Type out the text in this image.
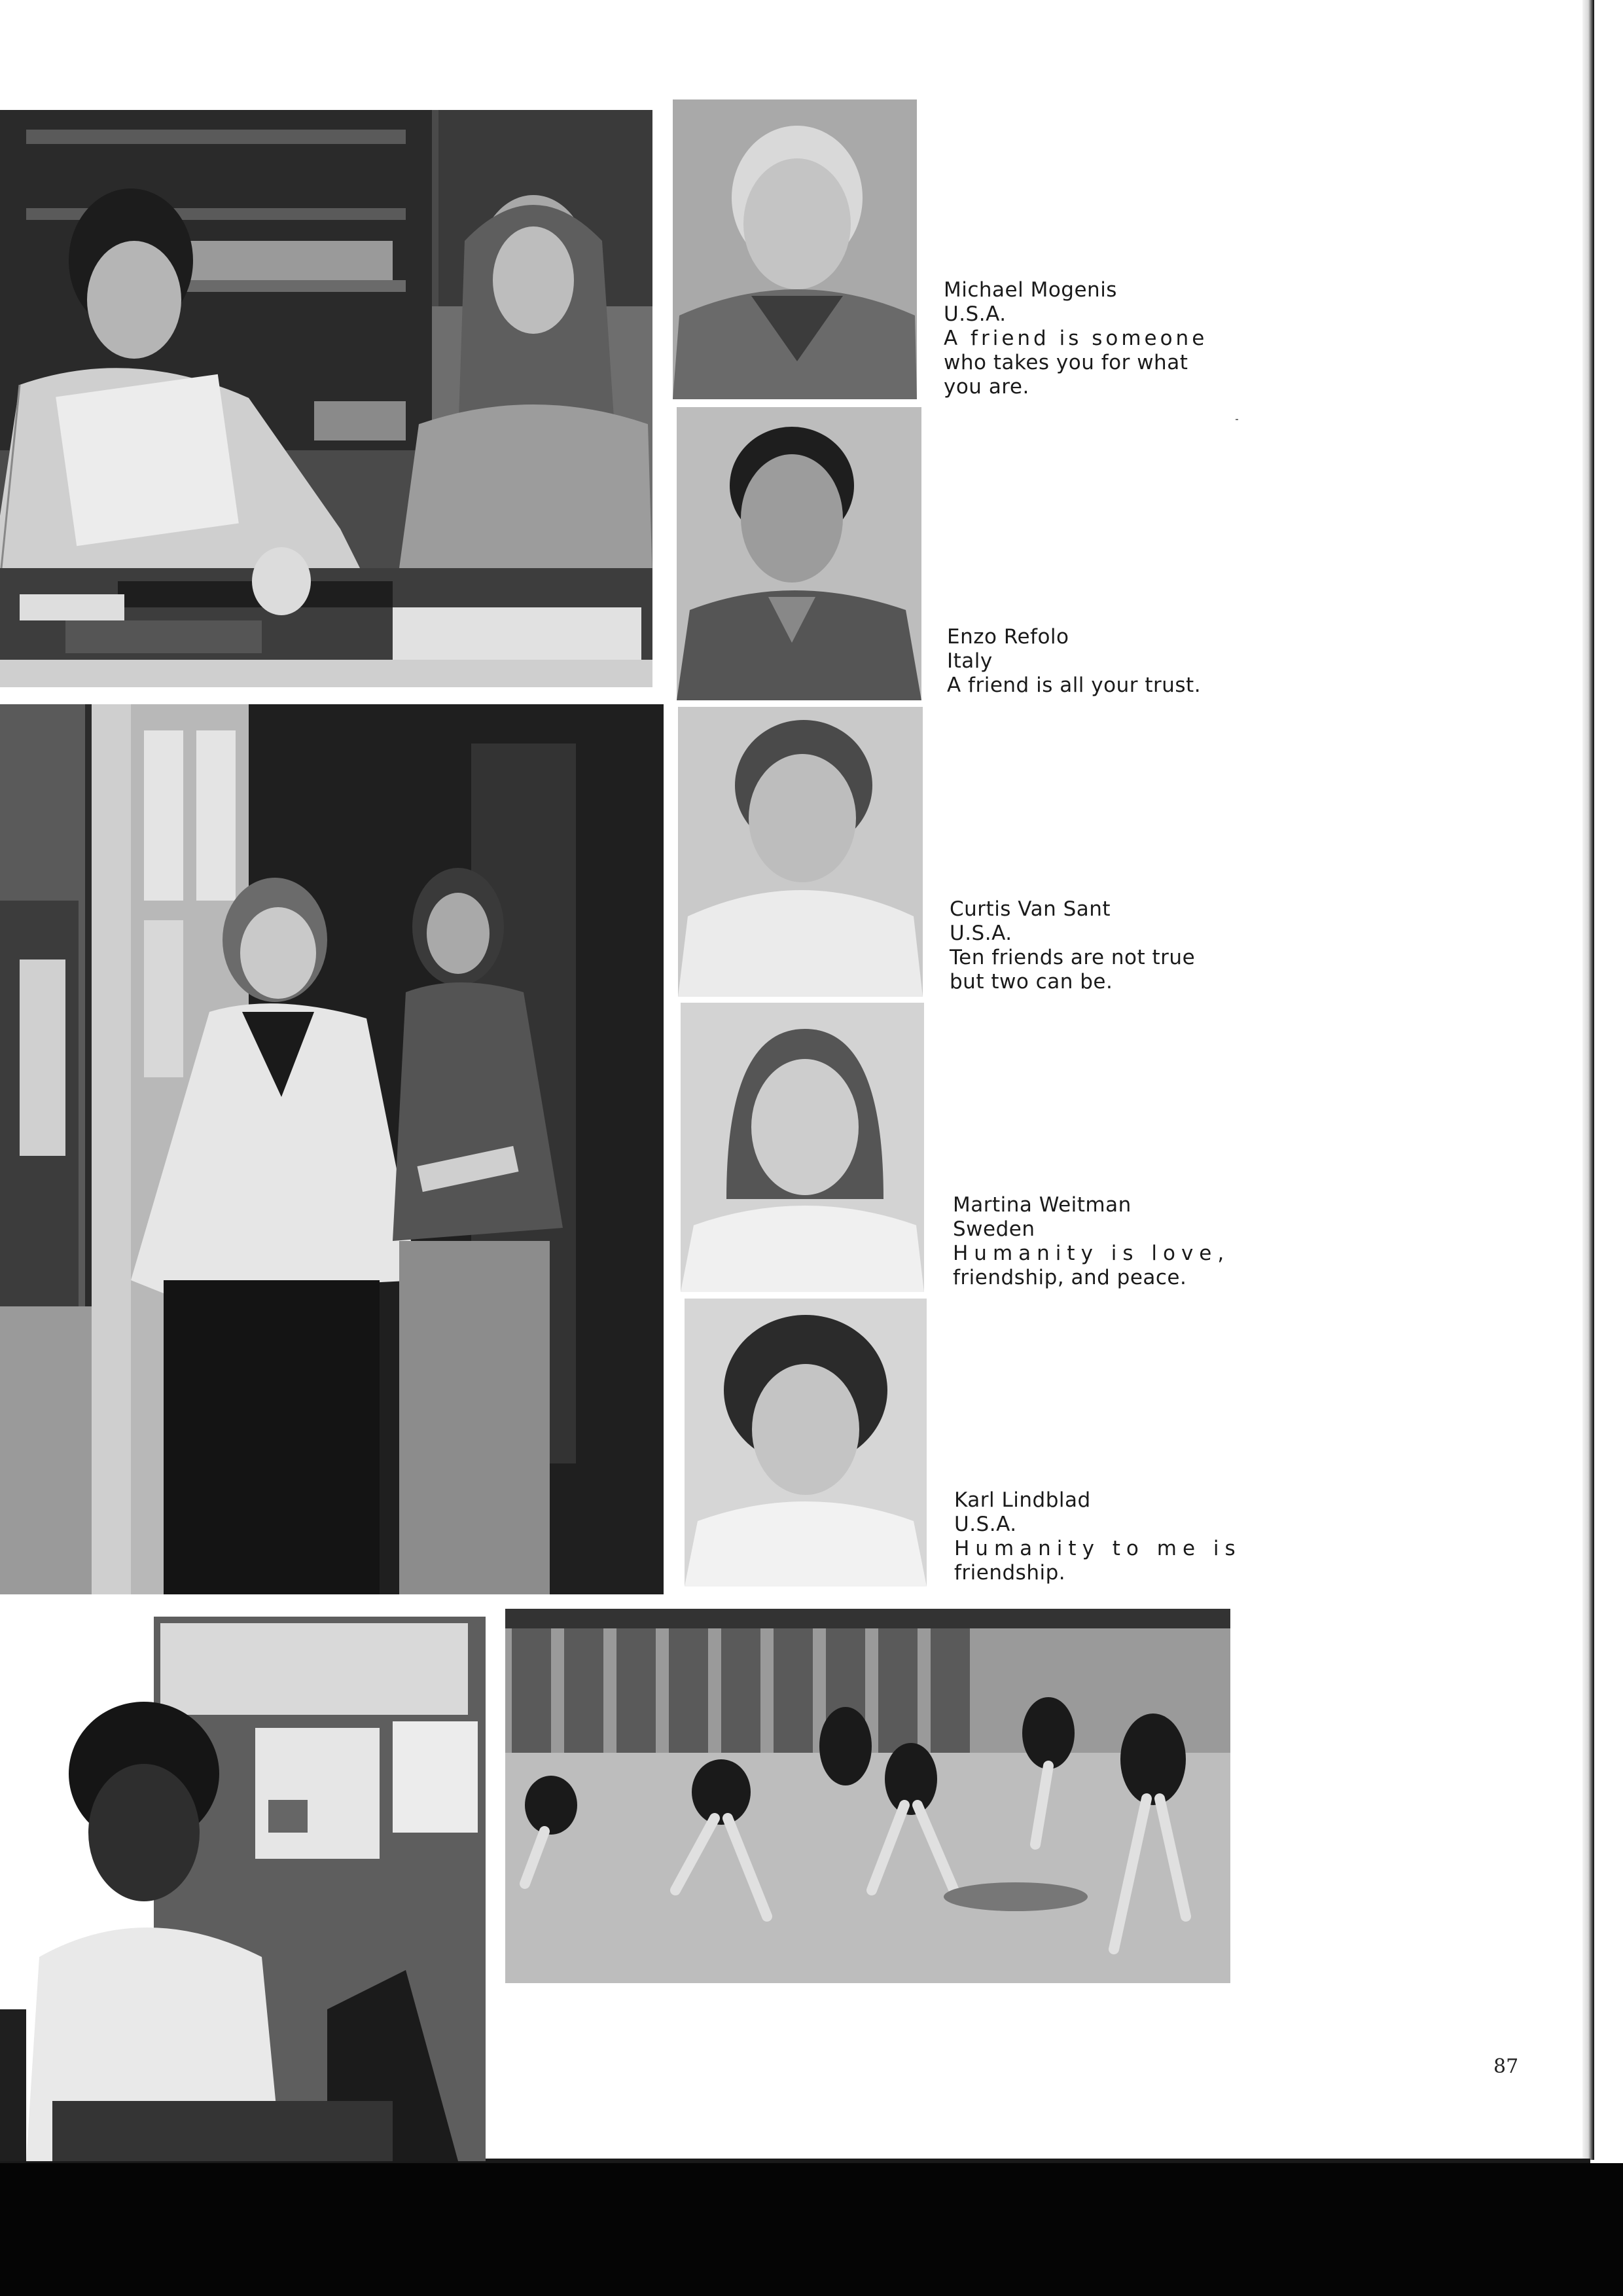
Michael Mogenis
U.S.A.
A friend is someone
who takes you for what
you are.
Enzo Refolo
Italy
A friend is all your trust.
Curtis Van Sant
U.S.A.
Ten friends are not true
but two can be.
Martina Weitman
Sweden
Humanity is love,
friendship, and peace.
Karl Lindblad
U.S.A.
Humanity to me is
friendship.
87
